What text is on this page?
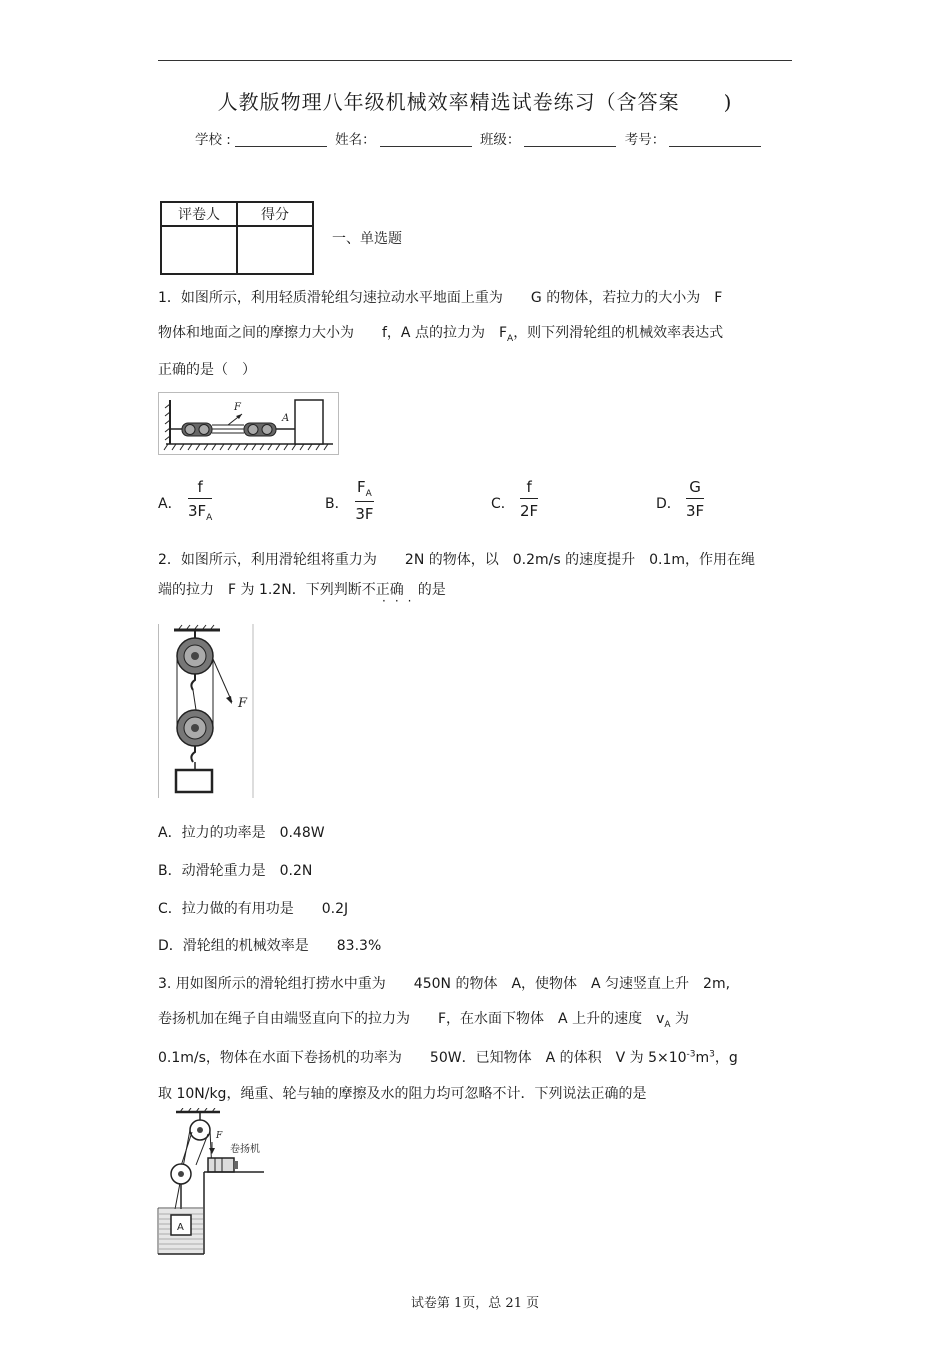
人教版物理八年级机械效率精选试卷练习（含答案 )
学校 :	姓名：	班级：	考号：
评卷人	得分

一、单选题
1．如图所示，利用轻质滑轮组匀速拉动水平地面上重为　　G 的物体，若拉力的大小为　F
物体和地面之间的摩擦力大小为　　f，A 点的拉力为　$F_A$，则下列滑轮组的机械效率表达式
正确的是（　）
F
A
A． $\frac{f}{3F_A}$	B． $\frac{F_A}{3F}$	C． $\frac{f}{2F}$	D． $\frac{G}{3F}$
2．如图所示，利用滑轮组将重力为　　2N 的物体，以　0.2m/s 的速度提升　0.1m，作用在绳
端的拉力　F 为 1.2N．下列判断不正确　的是
···
F
A．拉力的功率是　0.48W
B．动滑轮重力是　0.2N
C．拉力做的有用功是　　0.2J
D．滑轮组的机械效率是　　83.3%
3. 用如图所示的滑轮组打捞水中重为　　450N 的物体　A，使物体　A 匀速竖直上升　2m,
卷扬机加在绳子自由端竖直向下的拉力为　　F，在水面下物体　A 上升的速度　$v_A$ 为
0.1m/s，物体在水面下卷扬机的功率为　　50W．已知物体　A 的体积　V 为 $5\times 10^{-3}m^3$，g
取 10N/kg，绳重、轮与轴的摩擦及水的阻力均可忽略不计．下列说法正确的是
A
F
卷扬机
试卷第 1页，总 21 页
